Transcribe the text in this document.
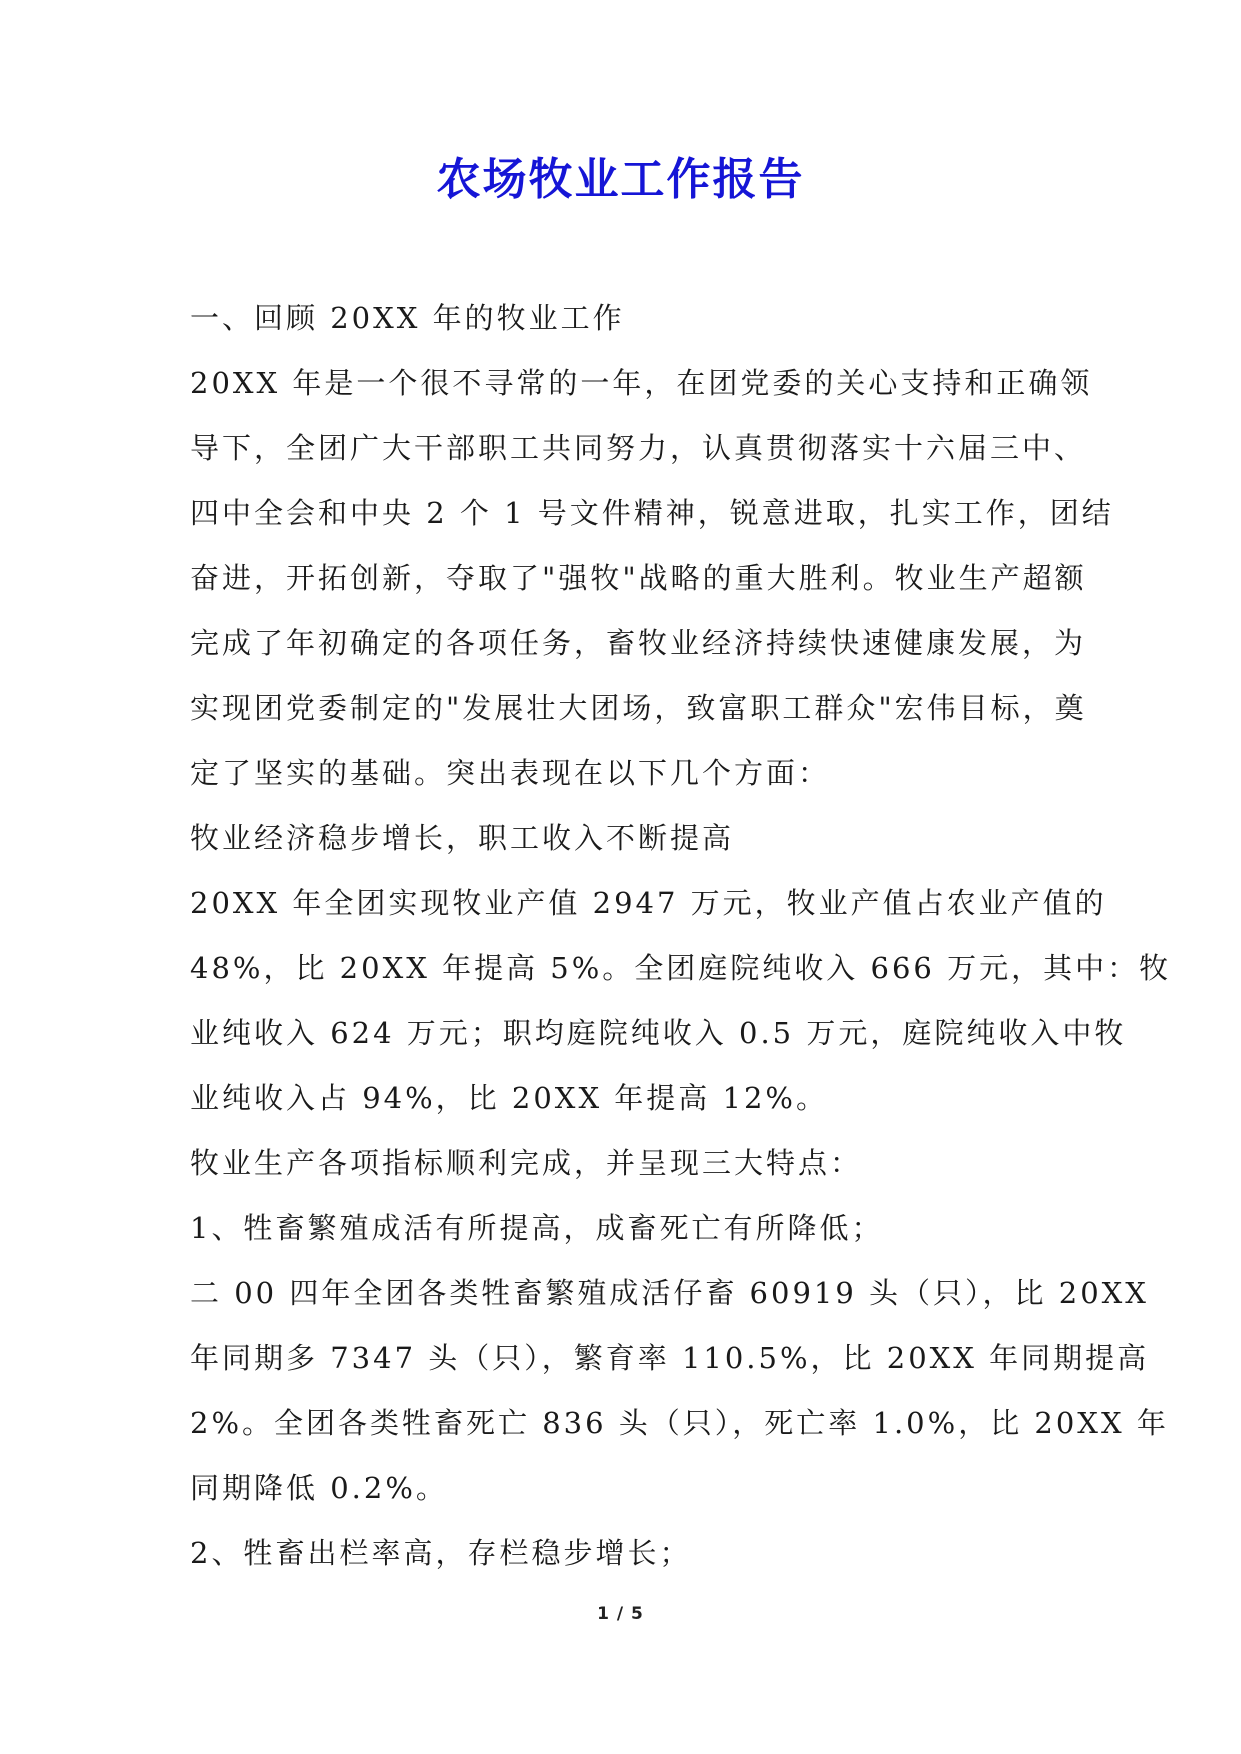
农场牧业工作报告
一、回顾 20XX 年的牧业工作
20XX 年是一个很不寻常的一年，在团党委的关心支持和正确领
导下，全团广大干部职工共同努力，认真贯彻落实十六届三中、
四中全会和中央 2 个 1 号文件精神，锐意进取，扎实工作，团结
奋进，开拓创新，夺取了"强牧"战略的重大胜利。牧业生产超额
完成了年初确定的各项任务，畜牧业经济持续快速健康发展，为
实现团党委制定的"发展壮大团场，致富职工群众"宏伟目标，奠
定了坚实的基础。突出表现在以下几个方面：
牧业经济稳步增长，职工收入不断提高
20XX 年全团实现牧业产值 2947 万元，牧业产值占农业产值的
48%，比 20XX 年提高 5%。全团庭院纯收入 666 万元，其中：牧
业纯收入 624 万元；职均庭院纯收入 0.5 万元，庭院纯收入中牧
业纯收入占 94%，比 20XX 年提高 12%。
牧业生产各项指标顺利完成，并呈现三大特点：
1、牲畜繁殖成活有所提高，成畜死亡有所降低；
二 00 四年全团各类牲畜繁殖成活仔畜 60919 头（只），比 20XX
年同期多 7347 头（只），繁育率 110.5%，比 20XX 年同期提高
2%。全团各类牲畜死亡 836 头（只），死亡率 1.0%，比 20XX 年
同期降低 0.2%。
2、牲畜出栏率高，存栏稳步增长；
1 / 5
